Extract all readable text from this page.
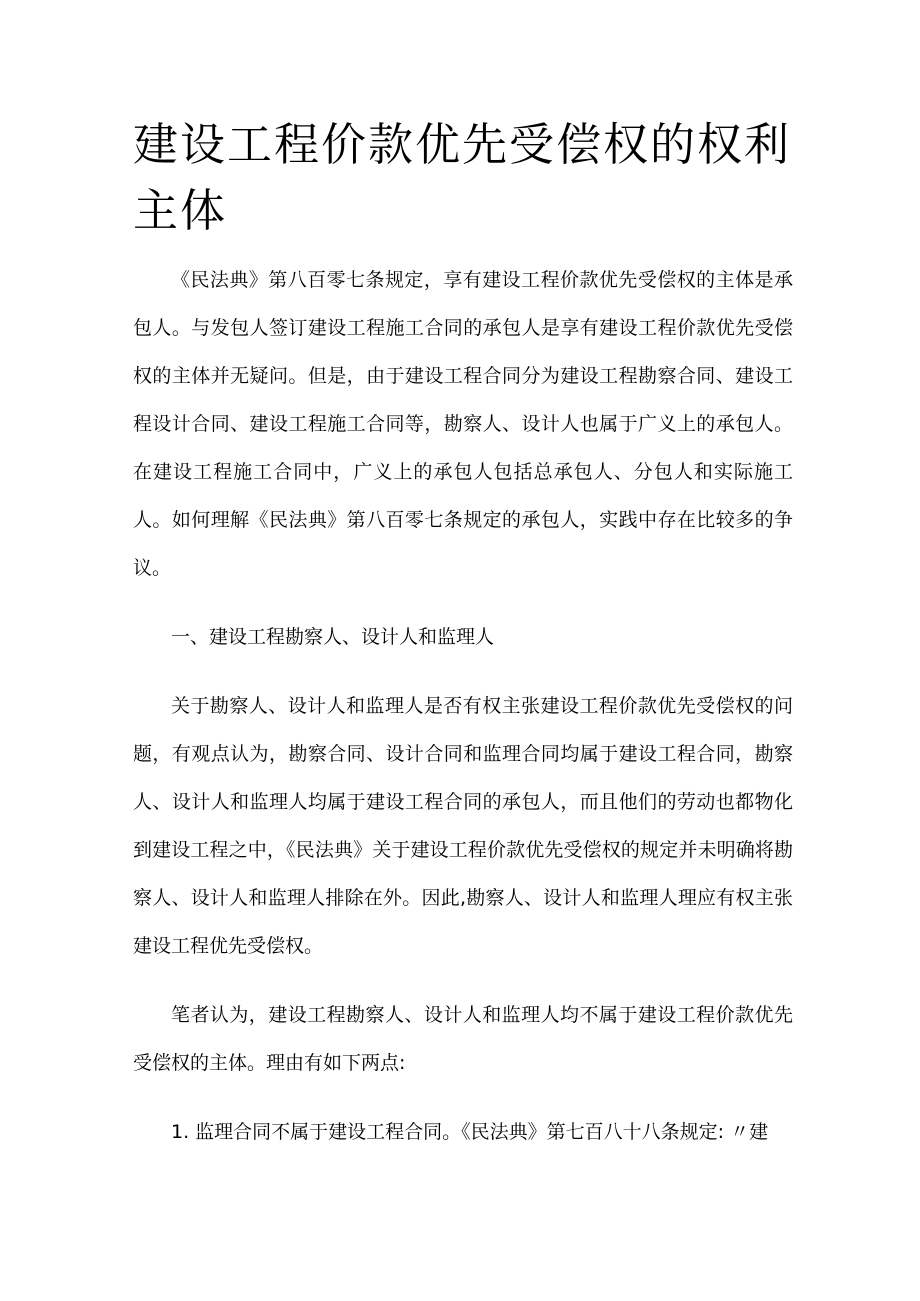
建设工程价款优先受偿权的权利主体

《民法典》第八百零七条规定，享有建设工程价款优先受偿权的主体是承包人。与发包人签订建设工程施工合同的承包人是享有建设工程价款优先受偿权的主体并无疑问。但是，由于建设工程合同分为建设工程勘察合同、建设工程设计合同、建设工程施工合同等，勘察人、设计人也属于广义上的承包人。在建设工程施工合同中，广义上的承包人包括总承包人、分包人和实际施工人。如何理解《民法典》第八百零七条规定的承包人，实践中存在比较多的争议。

一、建设工程勘察人、设计人和监理人

关于勘察人、设计人和监理人是否有权主张建设工程价款优先受偿权的问题，有观点认为，勘察合同、设计合同和监理合同均属于建设工程合同，勘察人、设计人和监理人均属于建设工程合同的承包人，而且他们的劳动也都物化到建设工程之中，《民法典》关于建设工程价款优先受偿权的规定并未明确将勘察人、设计人和监理人排除在外。因此,勘察人、设计人和监理人理应有权主张建设工程优先受偿权。

笔者认为，建设工程勘察人、设计人和监理人均不属于建设工程价款优先受偿权的主体。理由有如下两点:

1. 监理合同不属于建设工程合同。《民法典》第七百八十八条规定: 〃建
